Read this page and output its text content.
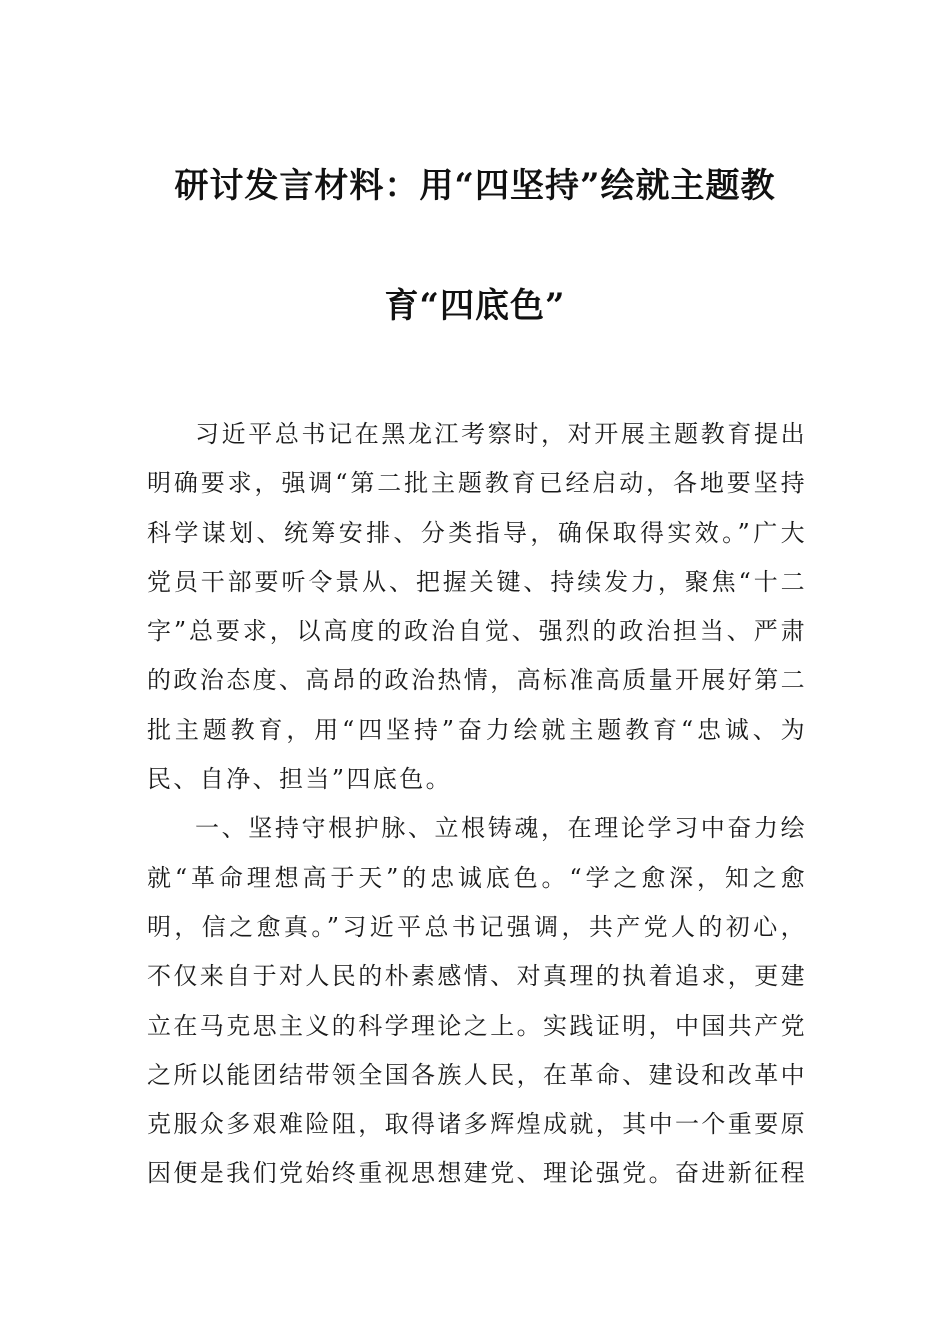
研讨发言材料：用“四坚持”绘就主题教
育“四底色”

习近平总书记在黑龙江考察时，对开展主题教育提出明确要求，强调“第二批主题教育已经启动，各地要坚持科学谋划、统筹安排、分类指导，确保取得实效。”广大党员干部要听令景从、把握关键、持续发力，聚焦“十二字”总要求，以高度的政治自觉、强烈的政治担当、严肃的政治态度、高昂的政治热情，高标准高质量开展好第二批主题教育，用“四坚持”奋力绘就主题教育“忠诚、为民、自净、担当”四底色。

一、坚持守根护脉、立根铸魂，在理论学习中奋力绘就“革命理想高于天”的忠诚底色。“学之愈深，知之愈明，信之愈真。”习近平总书记强调，共产党人的初心，不仅来自于对人民的朴素感情、对真理的执着追求，更建立在马克思主义的科学理论之上。实践证明，中国共产党之所以能团结带领全国各族人民，在革命、建设和改革中克服众多艰难险阻，取得诸多辉煌成就，其中一个重要原因便是我们党始终重视思想建党、理论强党。奋进新征程
